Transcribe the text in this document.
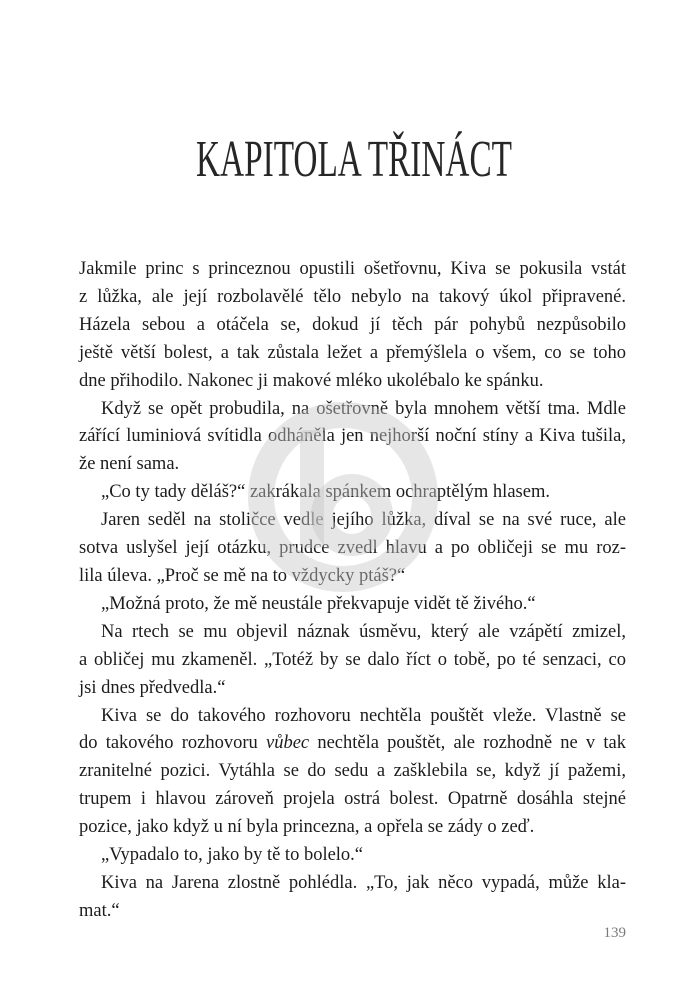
KAPITOLA TŘINÁCT
Jakmile princ s princeznou opustili ošetřovnu, Kiva se pokusila vstát
z lůžka, ale její rozbolavělé tělo nebylo na takový úkol připravené.
Házela sebou a otáčela se, dokud jí těch pár pohybů nezpůsobilo
ještě větší bolest, a tak zůstala ležet a přemýšlela o všem, co se toho
dne přihodilo. Nakonec ji makové mléko ukolébalo ke spánku.
Když se opět probudila, na ošetřovně byla mnohem větší tma. Mdle
zářící luminiová svítidla odháněla jen nejhorší noční stíny a Kiva tušila,
že není sama.
„Co ty tady děláš?“ zakrákala spánkem ochraptělým hlasem.
Jaren seděl na stoličce vedle jejího lůžka, díval se na své ruce, ale
sotva uslyšel její otázku, prudce zvedl hlavu a po obličeji se mu roz-
lila úleva. „Proč se mě na to vždycky ptáš?“
„Možná proto, že mě neustále překvapuje vidět tě živého.“
Na rtech se mu objevil náznak úsměvu, který ale vzápětí zmizel,
a obličej mu zkameněl. „Totéž by se dalo říct o tobě, po té senzaci, co
jsi dnes předvedla.“
Kiva se do takového rozhovoru nechtěla pouštět vleže. Vlastně se
do takového rozhovoru vůbec nechtěla pouštět, ale rozhodně ne v tak
zranitelné pozici. Vytáhla se do sedu a zašklebila se, když jí pažemi,
trupem i hlavou zároveň projela ostrá bolest. Opatrně dosáhla stejné
pozice, jako když u ní byla princezna, a opřela se zády o zeď.
„Vypadalo to, jako by tě to bolelo.“
Kiva na Jarena zlostně pohlédla. „To, jak něco vypadá, může kla-
mat.“
139
